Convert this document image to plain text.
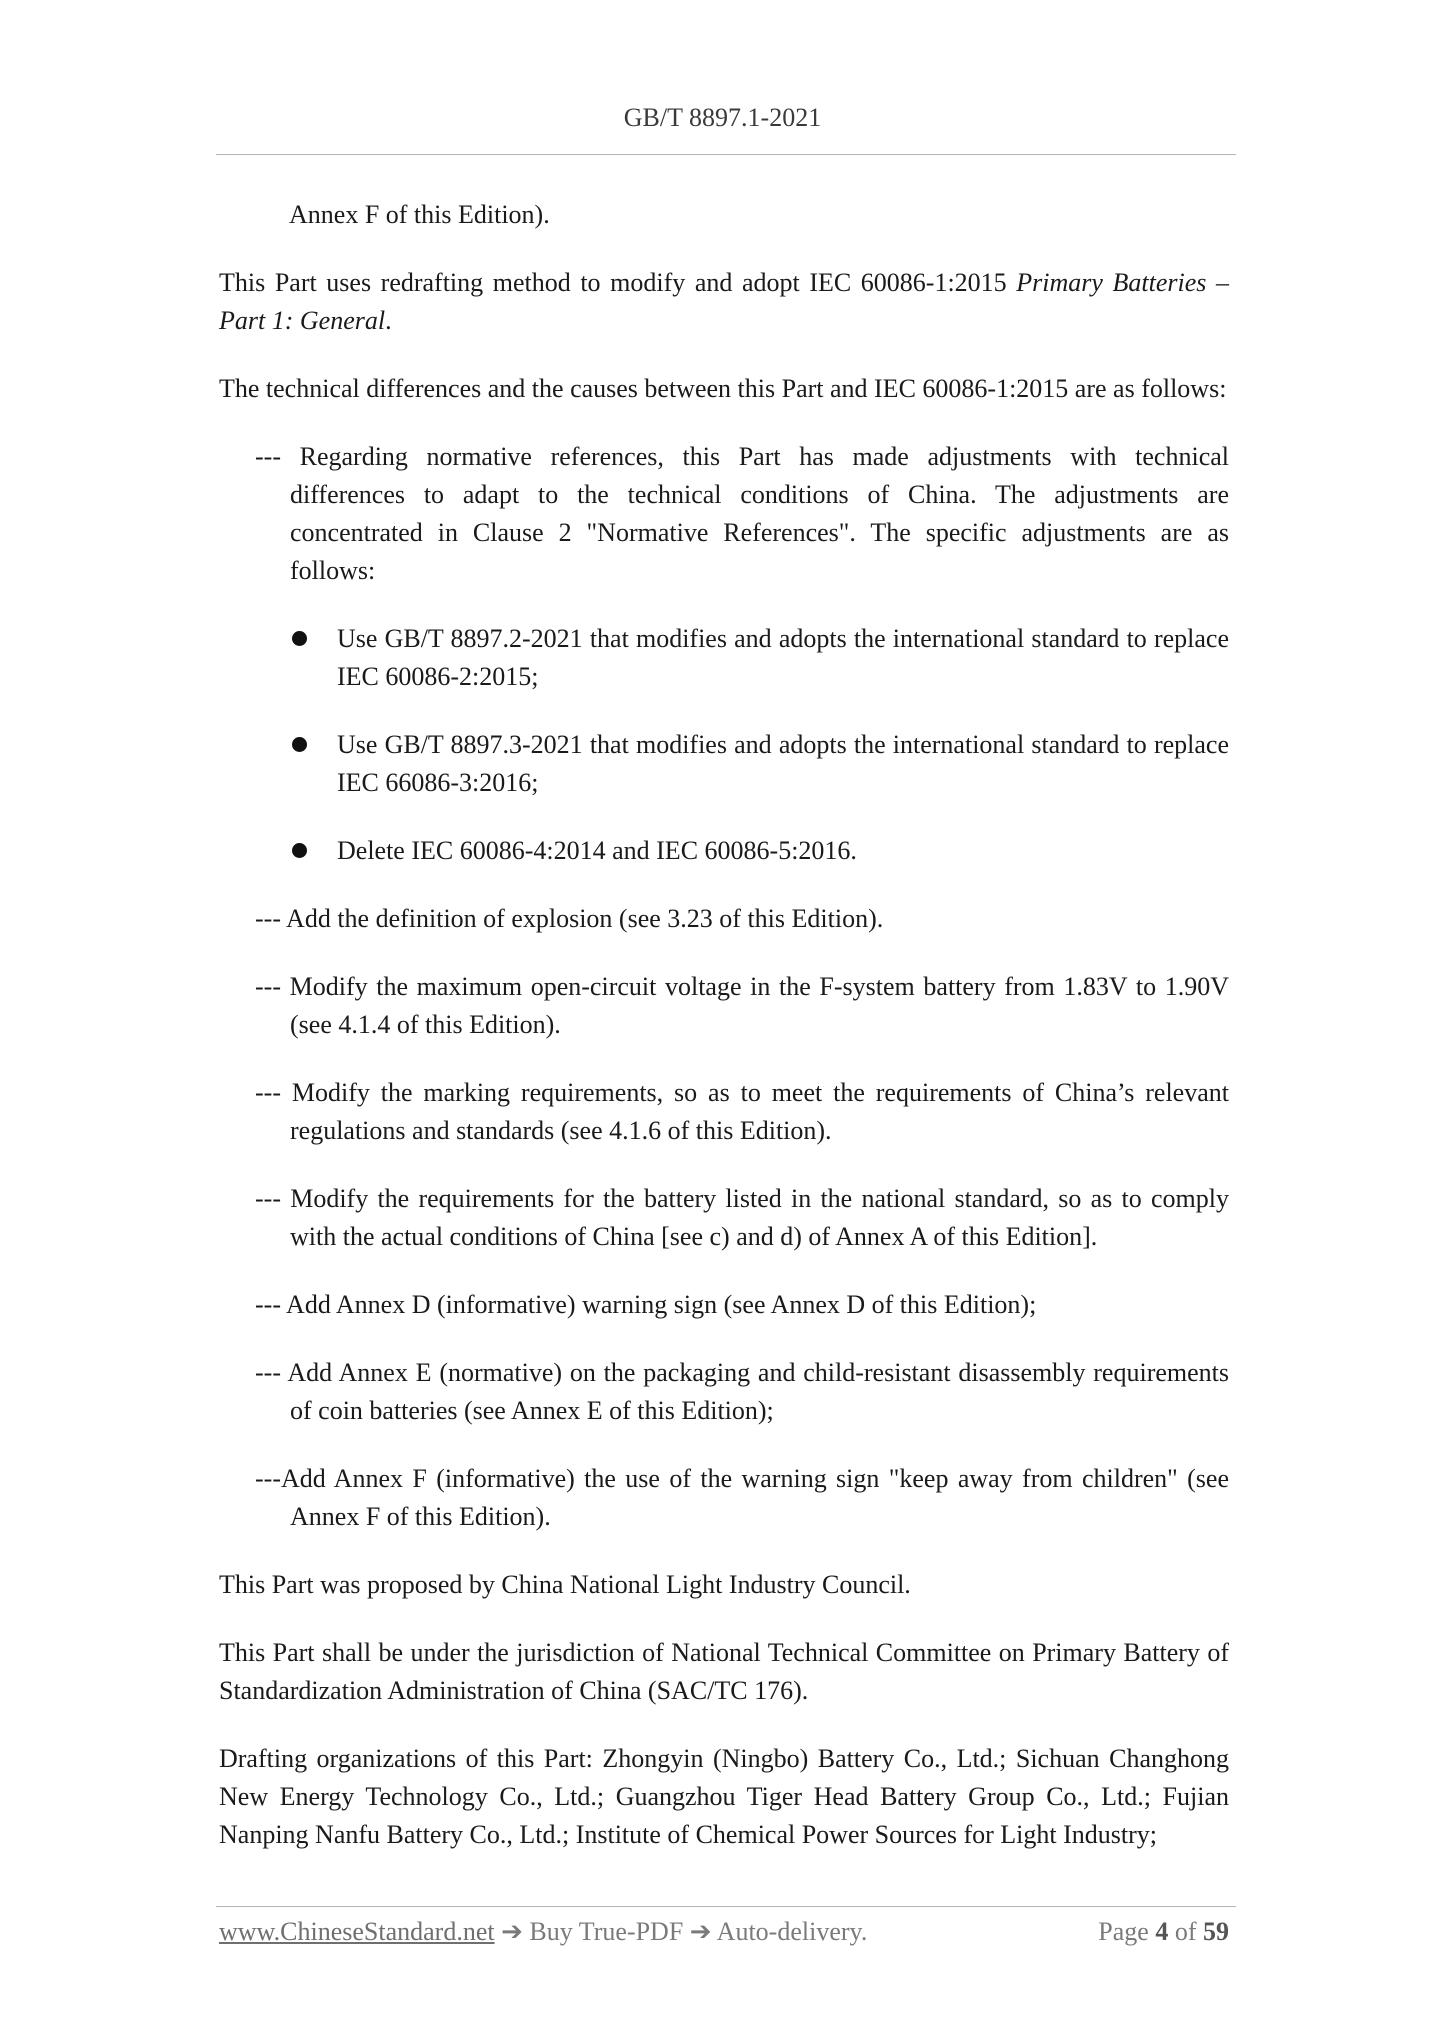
GB/T 8897.1-2021

Annex F of this Edition).

This Part uses redrafting method to modify and adopt IEC 60086-1:2015 Primary Batteries – Part 1: General.

The technical differences and the causes between this Part and IEC 60086-1:2015 are as follows:

--- Regarding normative references, this Part has made adjustments with technical differences to adapt to the technical conditions of China. The adjustments are concentrated in Clause 2 "Normative References". The specific adjustments are as follows:

Use GB/T 8897.2-2021 that modifies and adopts the international standard to replace IEC 60086-2:2015;
Use GB/T 8897.3-2021 that modifies and adopts the international standard to replace IEC 66086-3:2016;
Delete IEC 60086-4:2014 and IEC 60086-5:2016.

--- Add the definition of explosion (see 3.23 of this Edition).

--- Modify the maximum open-circuit voltage in the F-system battery from 1.83V to 1.90V (see 4.1.4 of this Edition).

--- Modify the marking requirements, so as to meet the requirements of China’s relevant regulations and standards (see 4.1.6 of this Edition).

--- Modify the requirements for the battery listed in the national standard, so as to comply with the actual conditions of China [see c) and d) of Annex A of this Edition].

--- Add Annex D (informative) warning sign (see Annex D of this Edition);

--- Add Annex E (normative) on the packaging and child-resistant disassembly requirements of coin batteries (see Annex E of this Edition);

---Add Annex F (informative) the use of the warning sign "keep away from children" (see Annex F of this Edition).

This Part was proposed by China National Light Industry Council.

This Part shall be under the jurisdiction of National Technical Committee on Primary Battery of Standardization Administration of China (SAC/TC 176).

Drafting organizations of this Part: Zhongyin (Ningbo) Battery Co., Ltd.; Sichuan Changhong New Energy Technology Co., Ltd.; Guangzhou Tiger Head Battery Group Co., Ltd.; Fujian Nanping Nanfu Battery Co., Ltd.; Institute of Chemical Power Sources for Light Industry;

www.ChineseStandard.net ➔ Buy True-PDF ➔ Auto-delivery.	Page 4 of 59
